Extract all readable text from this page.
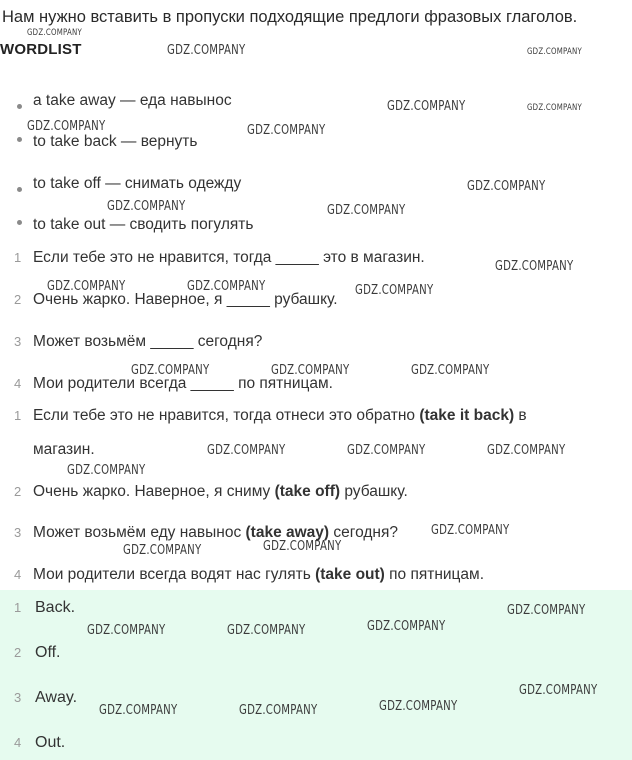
Нам нужно вставить в пропуски подходящие предлоги фразовых глаголов.
WORDLIST
a take away — еда навынос
to take back — вернуть
to take off — снимать одежду
to take out — сводить погулять
1 Если тебе это не нравится, тогда _____ это в магазин.
2 Очень жарко. Наверное, я _____ рубашку.
3 Может возьмём _____ сегодня?
4 Мои родители всегда _____ по пятницам.
1 Если тебе это не нравится, тогда отнеси это обратно (take it back) в
магазин.
2 Очень жарко. Наверное, я сниму (take off) рубашку.
3 Может возьмём еду навынос (take away) сегодня?
4 Мои родители всегда водят нас гулять (take out) по пятницам.
1 Back.
2 Off.
3 Away.
4 Out.
GDZ.COMPANY
GDZ.COMPANY	GDZ.COMPANY
GDZ.COMPANY	GDZ.COMPANY
GDZ.COMPANY	GDZ.COMPANY
GDZ.COMPANY
GDZ.COMPANY	GDZ.COMPANY
GDZ.COMPANY
GDZ.COMPANY	GDZ.COMPANY	GDZ.COMPANY
GDZ.COMPANY	GDZ.COMPANY	GDZ.COMPANY
GDZ.COMPANY	GDZ.COMPANY	GDZ.COMPANY
GDZ.COMPANY
GDZ.COMPANY
GDZ.COMPANY
GDZ.COMPANY
GDZ.COMPANY
GDZ.COMPANY
GDZ.COMPANY	GDZ.COMPANY
GDZ.COMPANY
GDZ.COMPANY
GDZ.COMPANY	GDZ.COMPANY
